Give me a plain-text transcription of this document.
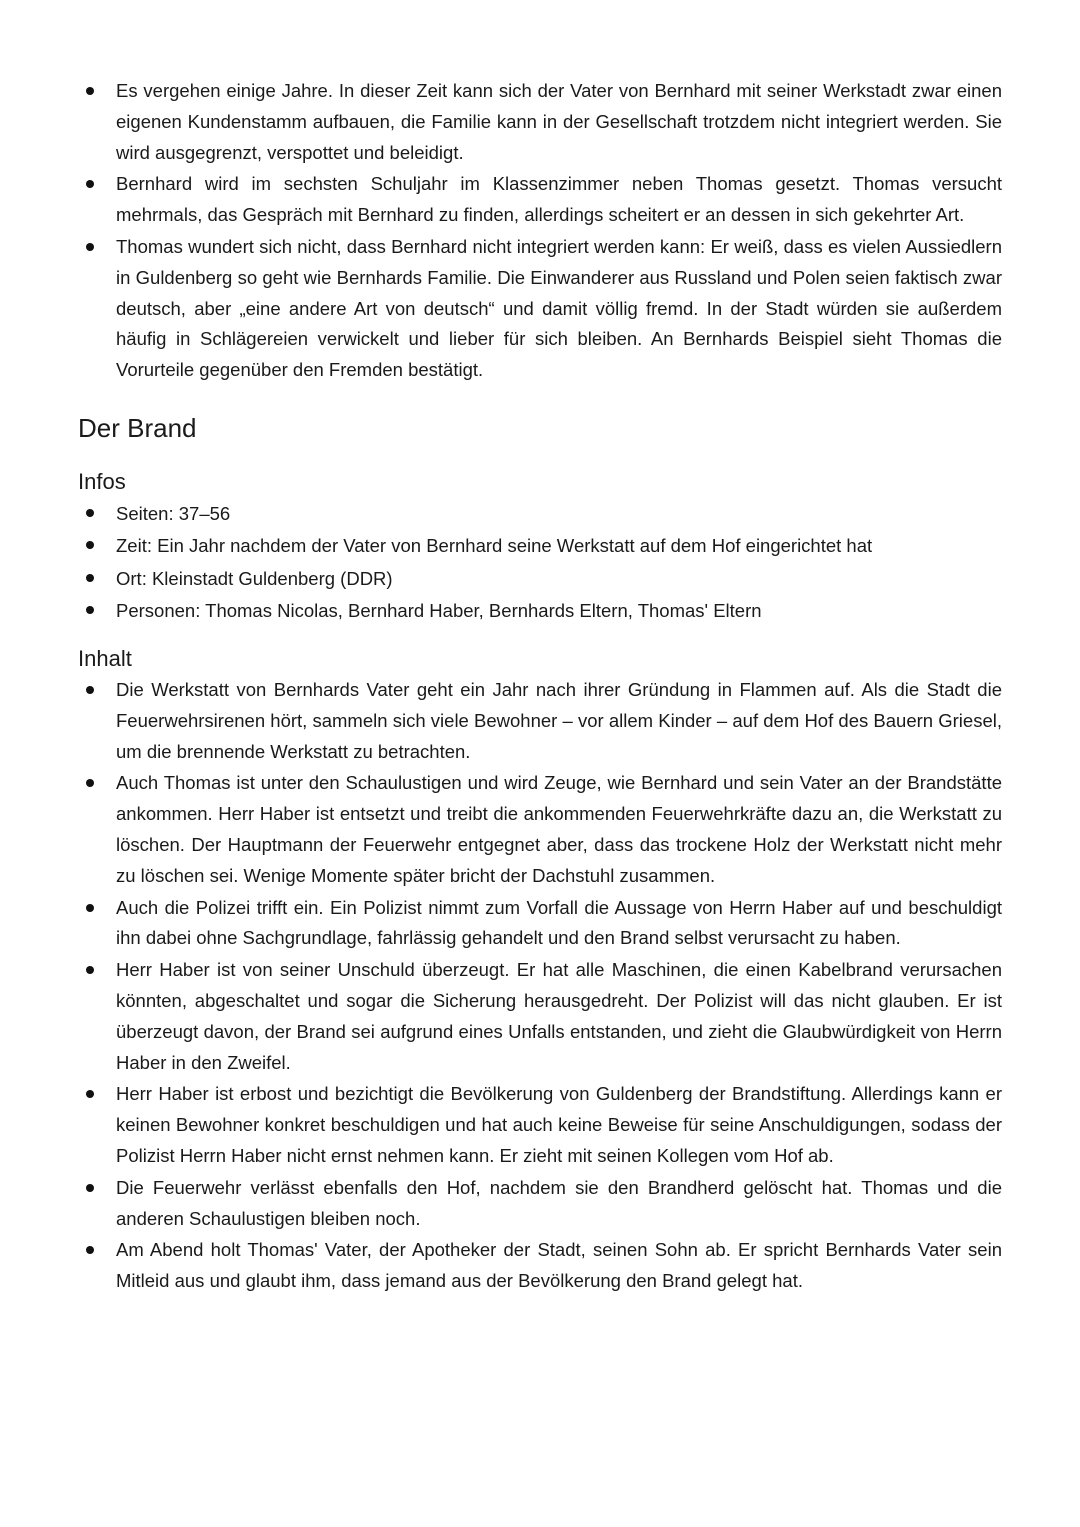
Es vergehen einige Jahre. In dieser Zeit kann sich der Vater von Bernhard mit seiner Werkstadt zwar einen eigenen Kundenstamm aufbauen, die Familie kann in der Gesellschaft trotzdem nicht integriert werden. Sie wird ausgegrenzt, verspottet und beleidigt.
Bernhard wird im sechsten Schuljahr im Klassenzimmer neben Thomas gesetzt. Thomas versucht mehrmals, das Gespräch mit Bernhard zu finden, allerdings scheitert er an dessen in sich gekehrter Art.
Thomas wundert sich nicht, dass Bernhard nicht integriert werden kann: Er weiß, dass es vielen Aussiedlern in Guldenberg so geht wie Bernhards Familie. Die Einwanderer aus Russland und Polen seien faktisch zwar deutsch, aber „eine andere Art von deutsch“ und damit völlig fremd. In der Stadt würden sie außerdem häufig in Schlägereien verwickelt und lieber für sich bleiben. An Bernhards Beispiel sieht Thomas die Vorurteile gegenüber den Fremden bestätigt.
Der Brand
Infos
Seiten: 37–56
Zeit: Ein Jahr nachdem der Vater von Bernhard seine Werkstatt auf dem Hof eingerichtet hat
Ort: Kleinstadt Guldenberg (DDR)
Personen: Thomas Nicolas, Bernhard Haber, Bernhards Eltern, Thomas' Eltern
Inhalt
Die Werkstatt von Bernhards Vater geht ein Jahr nach ihrer Gründung in Flammen auf. Als die Stadt die Feuerwehrsirenen hört, sammeln sich viele Bewohner – vor allem Kinder – auf dem Hof des Bauern Griesel, um die brennende Werkstatt zu betrachten.
Auch Thomas ist unter den Schaulustigen und wird Zeuge, wie Bernhard und sein Vater an der Brandstätte ankommen. Herr Haber ist entsetzt und treibt die ankommenden Feuerwehrkräfte dazu an, die Werkstatt zu löschen. Der Hauptmann der Feuerwehr entgegnet aber, dass das trockene Holz der Werkstatt nicht mehr zu löschen sei. Wenige Momente später bricht der Dachstuhl zusammen.
Auch die Polizei trifft ein. Ein Polizist nimmt zum Vorfall die Aussage von Herrn Haber auf und beschuldigt ihn dabei ohne Sachgrundlage, fahrlässig gehandelt und den Brand selbst verursacht zu haben.
Herr Haber ist von seiner Unschuld überzeugt. Er hat alle Maschinen, die einen Kabelbrand verursachen könnten, abgeschaltet und sogar die Sicherung herausgedreht. Der Polizist will das nicht glauben. Er ist überzeugt davon, der Brand sei aufgrund eines Unfalls entstanden, und zieht die Glaubwürdigkeit von Herrn Haber in den Zweifel.
Herr Haber ist erbost und bezichtigt die Bevölkerung von Guldenberg der Brandstiftung. Allerdings kann er keinen Bewohner konkret beschuldigen und hat auch keine Beweise für seine Anschuldigungen, sodass der Polizist Herrn Haber nicht ernst nehmen kann. Er zieht mit seinen Kollegen vom Hof ab.
Die Feuerwehr verlässt ebenfalls den Hof, nachdem sie den Brandherd gelöscht hat. Thomas und die anderen Schaulustigen bleiben noch.
Am Abend holt Thomas' Vater, der Apotheker der Stadt, seinen Sohn ab. Er spricht Bernhards Vater sein Mitleid aus und glaubt ihm, dass jemand aus der Bevölkerung den Brand gelegt hat.
